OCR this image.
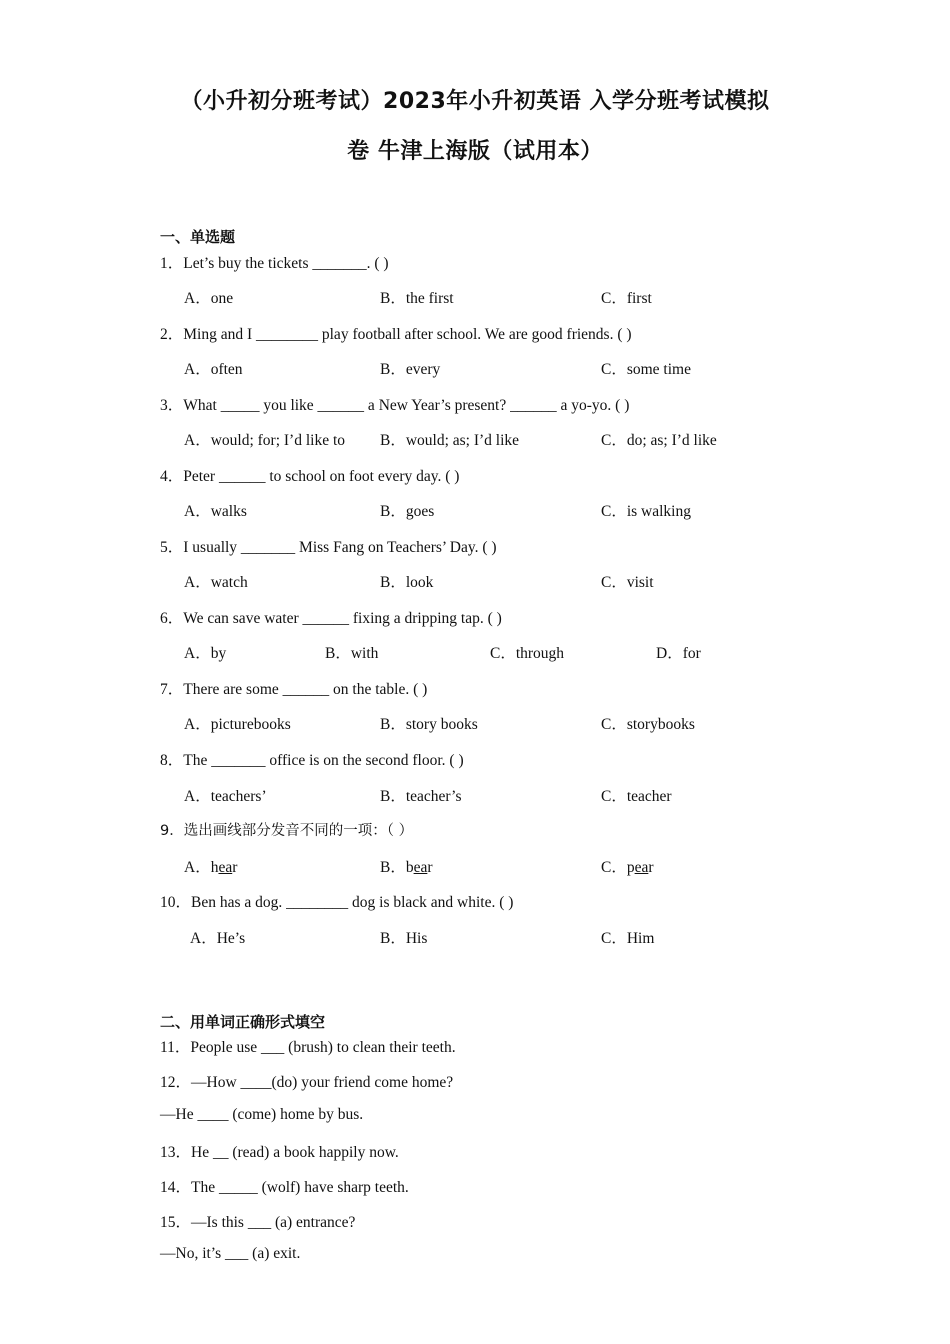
（小升初分班考试）2023年小升初英语 入学分班考试模拟
卷 牛津上海版（试用本）
一、单选题
1．Let’s buy the tickets _______. ( )
A．one	B．the first	C．first
2．Ming and I ________ play football after school. We are good friends. ( )
A．often	B．every	C．some time
3．What _____ you like ______ a New Year’s present? ______ a yo-yo. ( )
A．would; for; I’d like to B．would; as; I’d like	C．do; as; I’d like
4．Peter ______ to school on foot every day. ( )
A．walks	B．goes	C．is walking
5．I usually _______ Miss Fang on Teachers’ Day. ( )
A．watch	B．look	C．visit
6．We can save water ______ fixing a dripping tap. ( )
A．by	B．with	C．through	D．for
7．There are some ______ on the table. ( )
A．picturebooks	B．story books	C．storybooks
8．The _______ office is on the second floor. ( )
A．teachers’	B．teacher’s	C．teacher
9．选出画线部分发音不同的一项：（ ）
A．hear	B．bear	C．pear
10．Ben has a dog. ________ dog is black and white. ( )
A．He’s	B．His	C．Him
二、用单词正确形式填空
11．People use ___ (brush) to clean their teeth.
12．—How ____(do) your friend come home?
—He ____ (come) home by bus.
13．He __ (read) a book happily now.
14．The _____ (wolf) have sharp teeth.
15．—Is this ___ (a) entrance?
—No, it’s ___ (a) exit.
